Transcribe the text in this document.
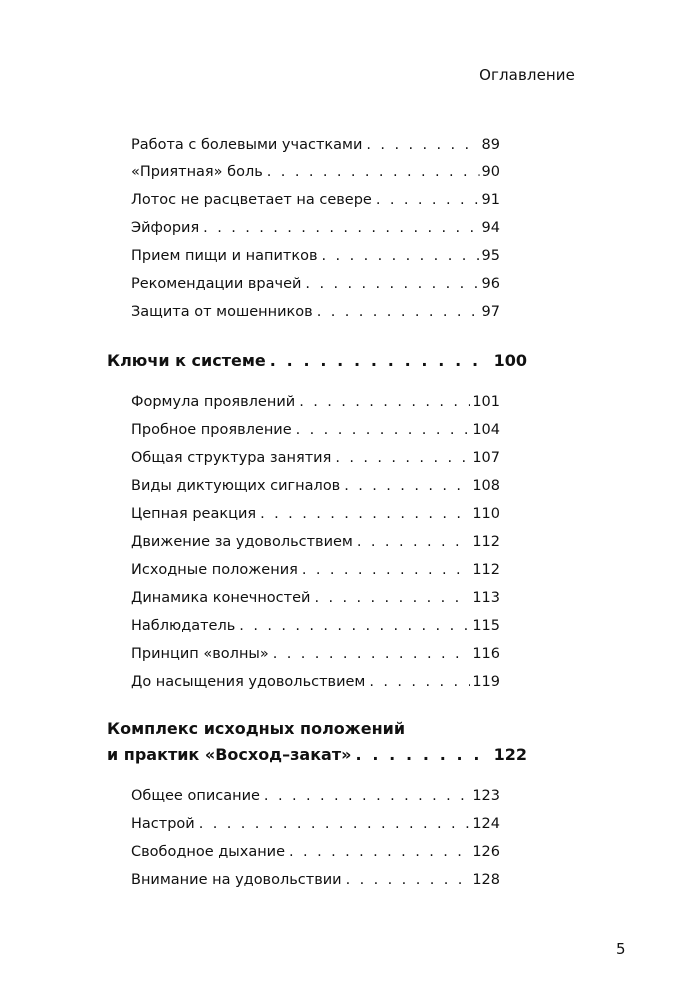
Оглавление
Работа с болевыми участками . . .	89
«Приятная» боль . . .	90
Лотос не расцветает на севере . . .	91
Эйфория . . .	94
Прием пищи и напитков . . .	95
Рекомендации врачей . . .	96
Защита от мошенников . . .	97
Ключи к системе . . .	100
Формула проявлений . . .	101
Пробное проявление . . .	104
Общая структура занятия . . .	107
Виды диктующих сигналов . . .	108
Цепная реакция . . .	110
Движение за удовольствием . . .	112
Исходные положения . . .	112
Динамика конечностей . . .	113
Наблюдатель . . .	115
Принцип «волны» . . .	116
До насыщения удовольствием . . .	119
Комплекс исходных положений
и практик «Восход–закат» . . .	122
Общее описание . . .	123
Настрой . . .	124
Свободное дыхание . . .	126
Внимание на удовольствии . . .	128
5
